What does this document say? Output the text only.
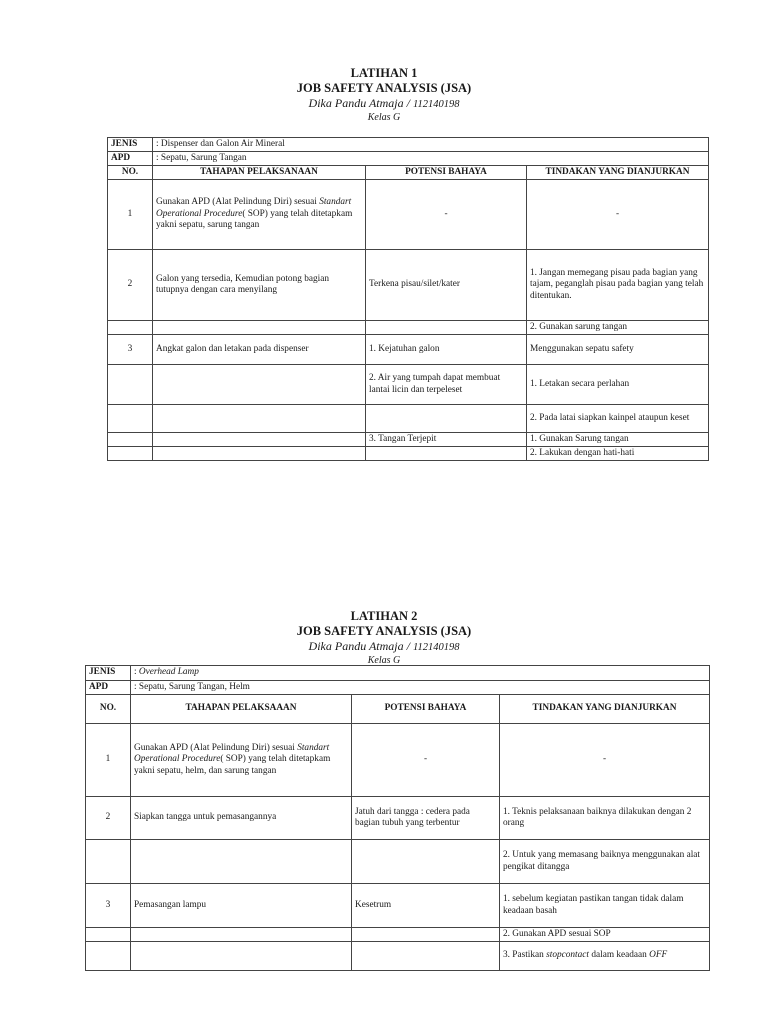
LATIHAN 1
JOB SAFETY ANALYSIS (JSA)
Dika Pandu Atmaja / 112140198
Kelas G
JENIS	: Dispenser dan Galon Air Mineral		
APD	: Sepatu, Sarung Tangan		
NO.	TAHAPAN PELAKSANAAN	POTENSI BAHAYA	TINDAKAN YANG DIANJURKAN
1	Gunakan APD (Alat Pelindung Diri) sesuai Standart Operational Procedure( SOP) yang telah ditetapkam yakni sepatu, sarung tangan	-	-
2	Galon yang tersedia, Kemudian potong bagian tutupnya dengan cara menyilang	Terkena pisau/silet/kater	1. Jangan memegang pisau pada bagian yang tajam, peganglah pisau pada bagian yang telah ditentukan.
			2. Gunakan sarung tangan
3	Angkat galon dan letakan pada dispenser	1. Kejatuhan galon	Menggunakan sepatu safety
		2. Air yang tumpah dapat membuat lantai licin dan terpeleset	1. Letakan secara perlahan
			2. Pada latai siapkan kainpel ataupun keset
		3. Tangan Terjepit	1. Gunakan Sarung tangan
			2. Lakukan dengan hati-hati
LATIHAN 2
JOB SAFETY ANALYSIS (JSA)
Dika Pandu Atmaja / 112140198
Kelas G
JENIS	: Overhead Lamp		
APD	: Sepatu, Sarung Tangan, Helm		
NO.	TAHAPAN PELAKSAAAN	POTENSI BAHAYA	TINDAKAN YANG DIANJURKAN
1	Gunakan APD (Alat Pelindung Diri) sesuai Standart Operational Procedure( SOP) yang telah ditetapkam yakni sepatu, helm, dan sarung tangan	-	-
2	Siapkan tangga untuk pemasangannya	Jatuh dari tangga : cedera pada bagian tubuh yang terbentur	1. Teknis pelaksanaan baiknya dilakukan dengan 2 orang
			2. Untuk yang memasang baiknya menggunakan alat pengikat ditangga
3	Pemasangan lampu	Kesetrum	1. sebelum kegiatan pastikan tangan tidak dalam keadaan basah
			2. Gunakan APD sesuai SOP
			3. Pastikan stopcontact dalam keadaan OFF
